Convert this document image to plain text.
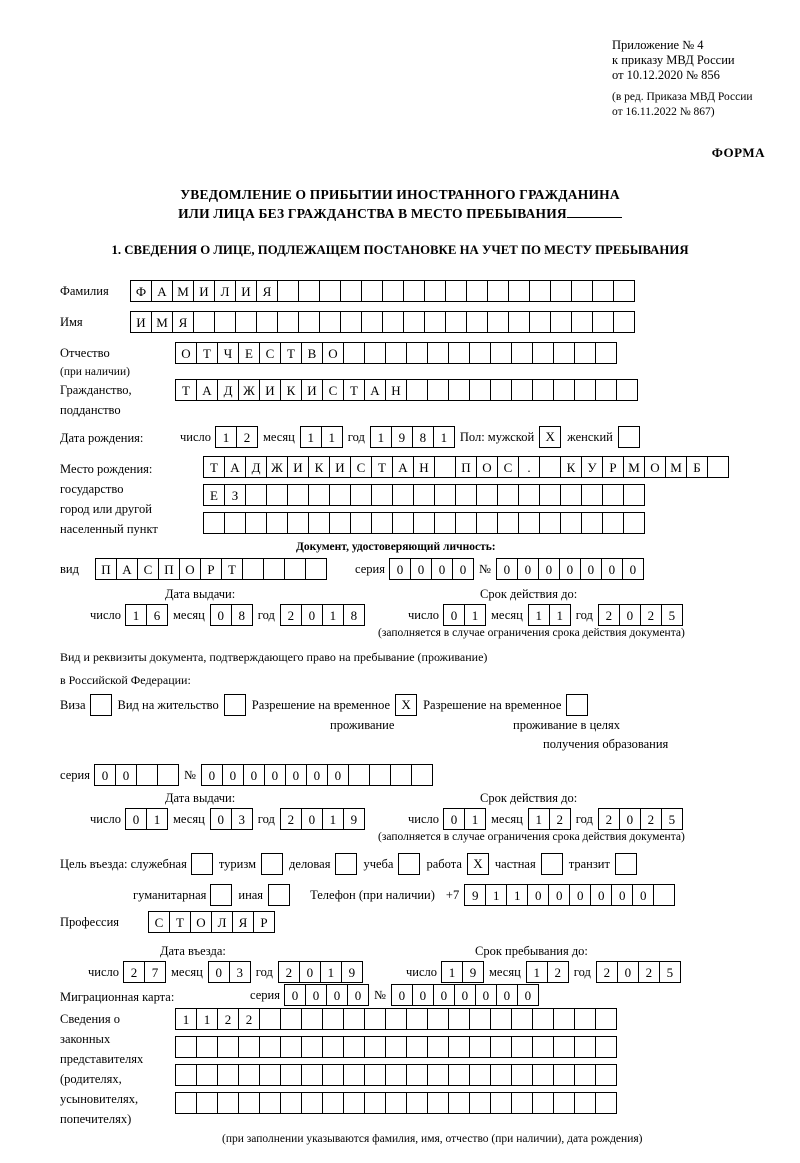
Приложение № 4
к приказу МВД России
от 10.12.2020 № 856
(в ред. Приказа МВД России
от 16.11.2022 № 867)
ФОРМА
УВЕДОМЛЕНИЕ О ПРИБЫТИИ ИНОСТРАННОГО ГРАЖДАНИНА
ИЛИ ЛИЦА БЕЗ ГРАЖДАНСТВА В МЕСТО ПРЕБЫВАНИЯ
1. СВЕДЕНИЯ О ЛИЦЕ, ПОДЛЕЖАЩЕМ ПОСТАНОВКЕ НА УЧЕТ ПО МЕСТУ ПРЕБЫВАНИЯ
Фамилия	Ф А М И Л И Я
Имя	И М Я
Отчество
(при наличии)
О Т Ч Е С Т В О
Гражданство,
подданство
Т А Д Ж И К И С Т А Н
Дата рождения:	число 1	2	месяц 1	1	год 1	9	8	1	Пол: мужской X женский
Место рождения:
государство
город или другой
населенный пункт
Т А Д Ж И К И С Т А Н	П О С	.	К У Р М О М Б
Е	З
Документ, удостоверяющий личность:
вид	П А С П О Р	Т	серия 0	0	0	0	№ 0	0	0	0	0	0	0
Дата выдачи:	Срок действия до:
число 1	6	месяц 0	8	год 2	0	1	8	число 0	1	месяц 1	1	год 2	0	2	5
(заполняется в случае ограничения срока действия документа)
Вид и реквизиты документа, подтверждающего право на пребывание (проживание)
в Российской Федерации:
Виза	Вид на жительство	Разрешение на временное X Разрешение на временное
проживание	проживание в целях
получения образования
серия 0	0	№ 0	0	0	0	0	0	0
Дата выдачи:	Срок действия до:
число 0	1	месяц 0	3	год 2	0	1	9	число 0	1	месяц 1	2	год 2	0	2	5
(заполняется в случае ограничения срока действия документа)
Цель въезда: служебная	туризм	деловая	учеба	работа X частная	транзит
гуманитарная	иная	Телефон (при наличии) +7 9	1	1	0	0	0	0	0	0
Профессия	С Т О Л Я	Р
Дата въезда:	Срок пребывания до:
число 2	7	месяц 0	3	год 2	0	1	9	число 1	9	месяц 1	2	год 2	0	2	5
Миграционная карта:	серия 0	0	0	0	№ 0	0	0	0	0	0	0
Сведения о
законных
представителях
(родителях,
усыновителях,
попечителях)
1	1	2	2
(при заполнении указываются фамилия, имя, отчество (при наличии), дата рождения)
